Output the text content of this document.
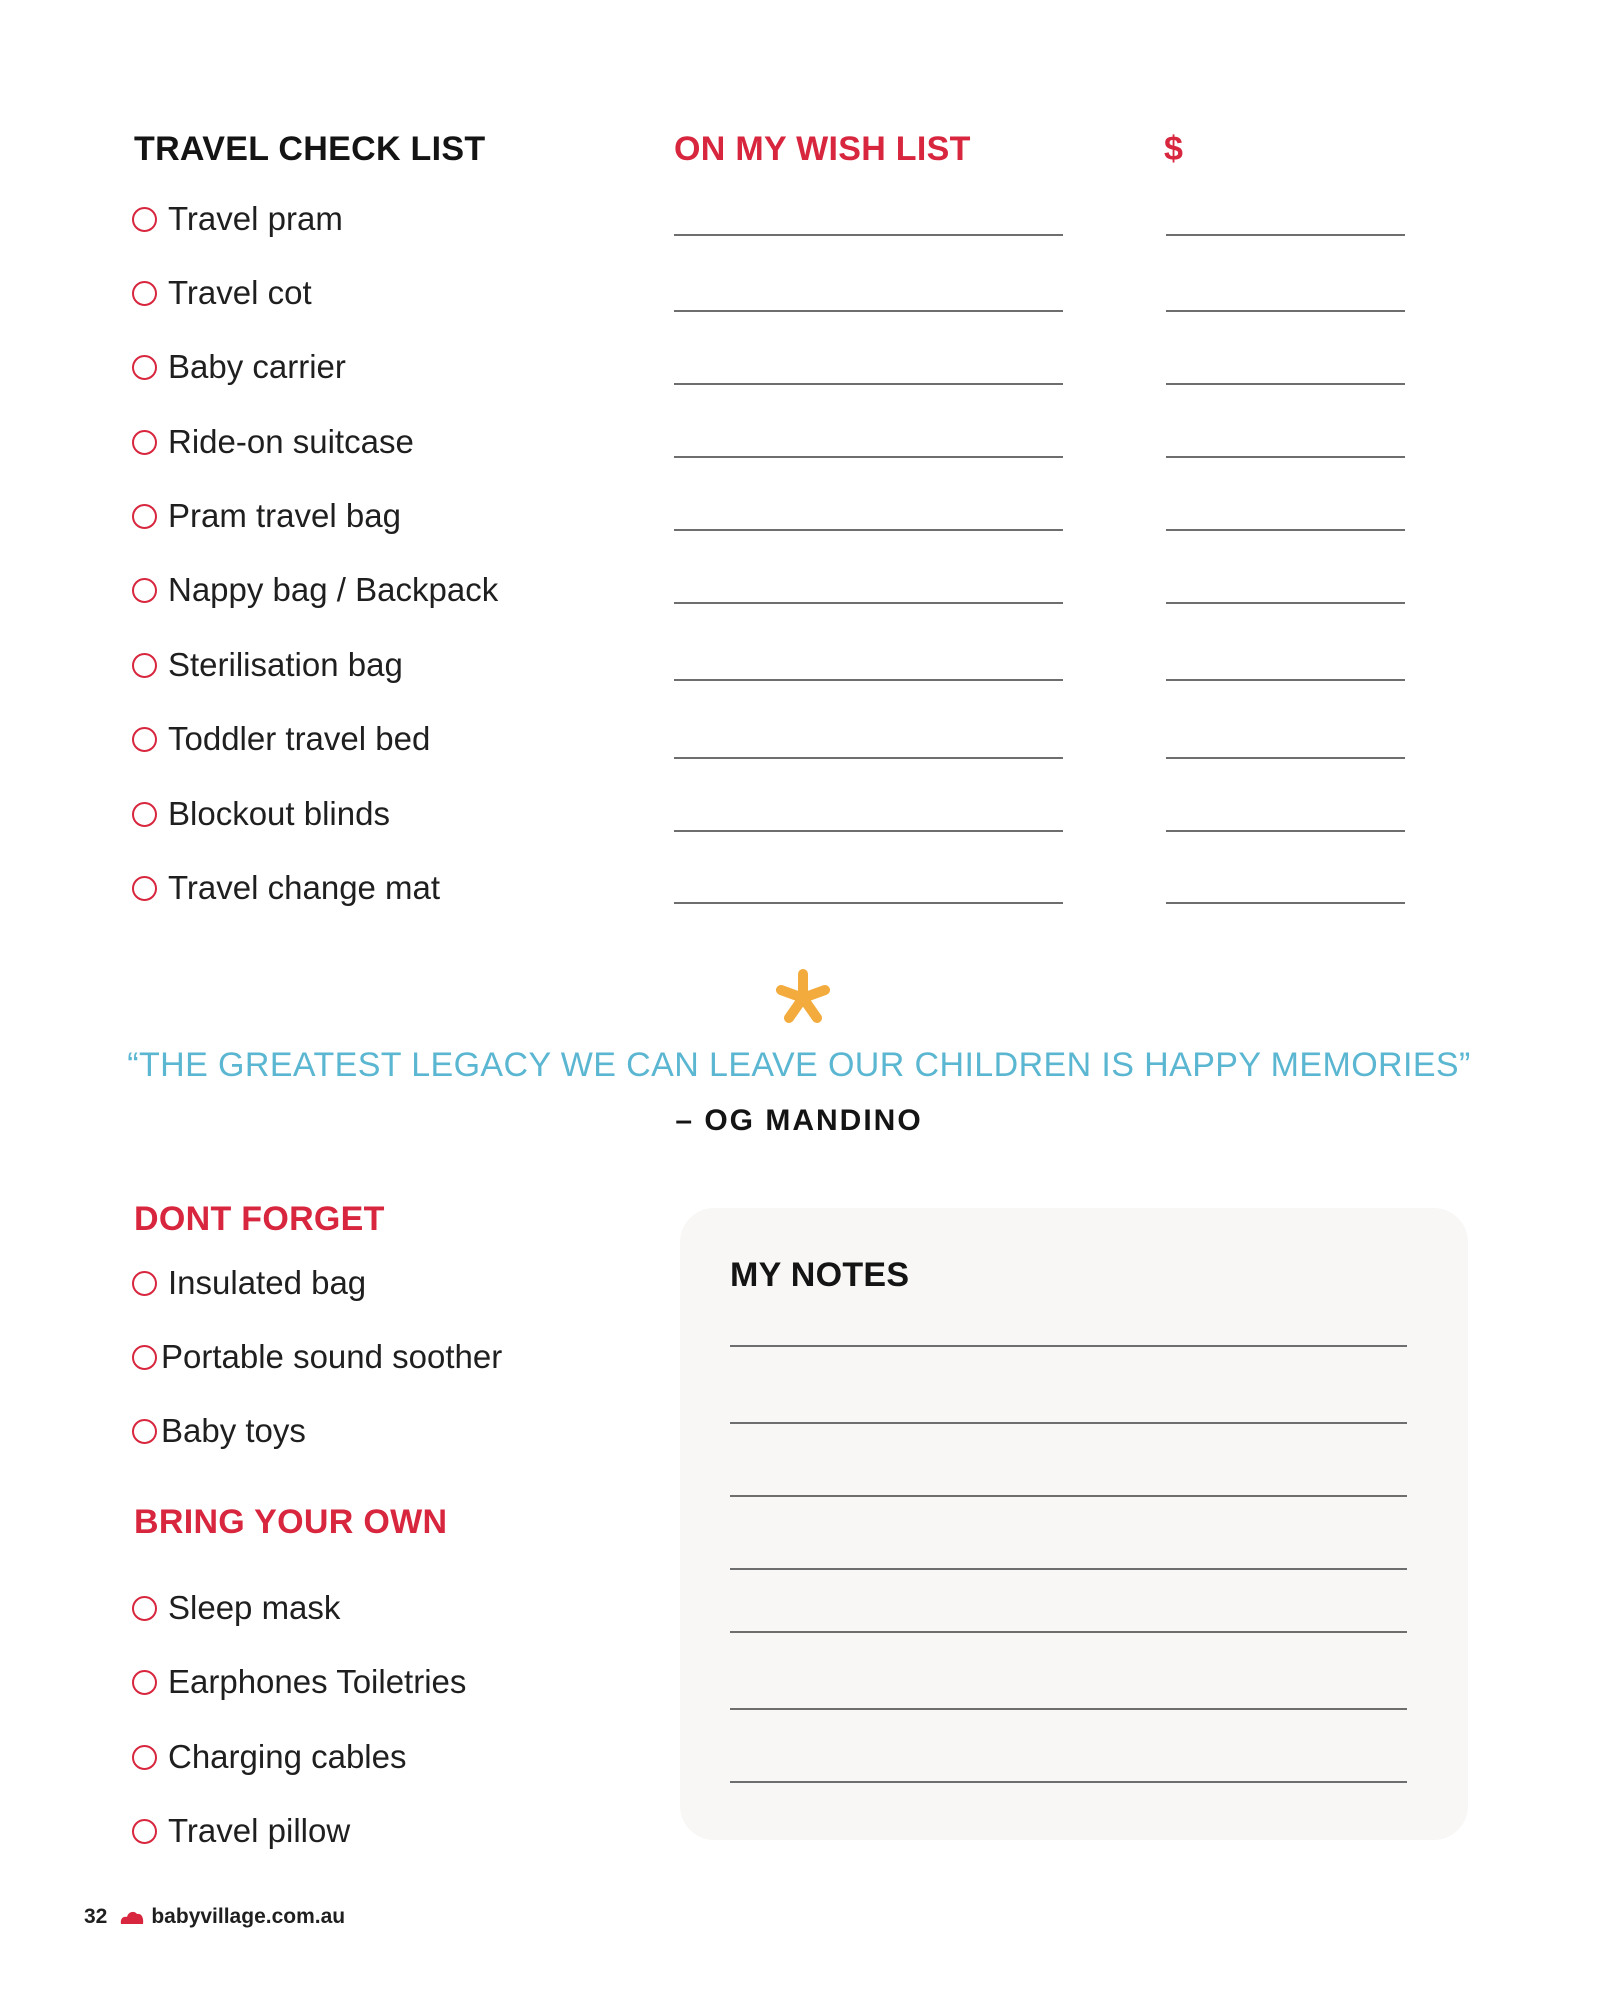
TRAVEL CHECK LIST	ON MY WISH LIST	$
Travel pram
Travel cot
Baby carrier
Ride-on suitcase
Pram travel bag
Nappy bag / Backpack
Sterilisation bag
Toddler travel bed
Blockout blinds
Travel change mat
“THE GREATEST LEGACY WE CAN LEAVE OUR CHILDREN IS HAPPY MEMORIES”
– OG MANDINO
DONT FORGET
Insulated bag
Portable sound soother
Baby toys
BRING YOUR OWN
Sleep mask
Earphones Toiletries
Charging cables
Travel pillow
MY NOTES
32 babyvillage.com.au
